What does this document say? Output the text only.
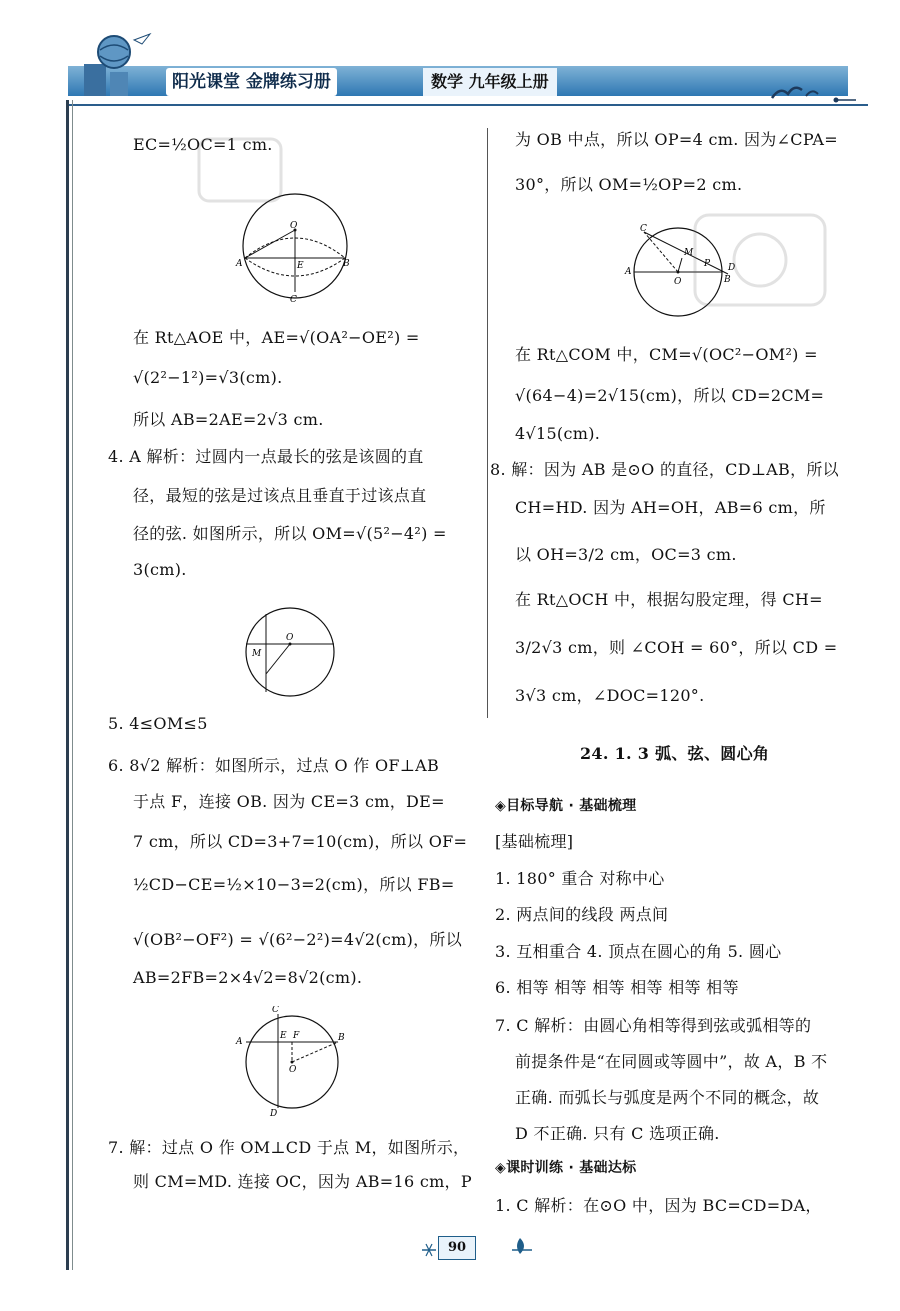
阳光课堂 金牌练习册	数学 九年级上册
EC=½OC=1 cm.
O
A	B
E
C
在 Rt△AOE 中，AE=√(OA²−OE²) =
√(2²−1²)=√3(cm).
所以 AB=2AE=2√3 cm.
4. A 解析：过圆内一点最长的弦是该圆的直
径，最短的弦是过该点且垂直于过该点直
径的弦. 如图所示，所以 OM=√(5²−4²) =
3(cm).
O
M
5. 4≤OM≤5
6. 8√2 解析：如图所示，过点 O 作 OF⊥AB
于点 F，连接 OB. 因为 CE=3 cm，DE=
7 cm，所以 CD=3+7=10(cm)，所以 OF=
½CD−CE=½×10−3=2(cm)，所以 FB=
√(OB²−OF²) = √(6²−2²)=4√2(cm)，所以
AB=2FB=2×4√2=8√2(cm).
C
A
E F	B
O
D
7. 解：过点 O 作 OM⊥CD 于点 M，如图所示，
则 CM=MD. 连接 OC，因为 AB=16 cm，P
为 OB 中点，所以 OP=4 cm. 因为∠CPA=
30°，所以 OM=½OP=2 cm.
C
M
A
O
P D
B
在 Rt△COM 中，CM=√(OC²−OM²) =
√(64−4)=2√15(cm)，所以 CD=2CM=
4√15(cm).
8. 解：因为 AB 是⊙O 的直径，CD⊥AB，所以
CH=HD. 因为 AH=OH，AB=6 cm，所
以 OH=3/2 cm，OC=3 cm.
在 Rt△OCH 中，根据勾股定理，得 CH=
3/2√3 cm，则 ∠COH = 60°，所以 CD =
3√3 cm，∠DOC=120°.
24. 1. 3 弧、弦、圆心角
◈目标导航 · 基础梳理
[基础梳理]
1. 180° 重合 对称中心
2. 两点间的线段 两点间
3. 互相重合 4. 顶点在圆心的角 5. 圆心
6. 相等 相等 相等 相等 相等 相等
7. C 解析：由圆心角相等得到弦或弧相等的
前提条件是“在同圆或等圆中”，故 A，B 不
正确. 而弧长与弧度是两个不同的概念，故
D 不正确. 只有 C 选项正确.
◈课时训练 · 基础达标
1. C 解析：在⊙O 中，因为 BC=CD=DA，
90
